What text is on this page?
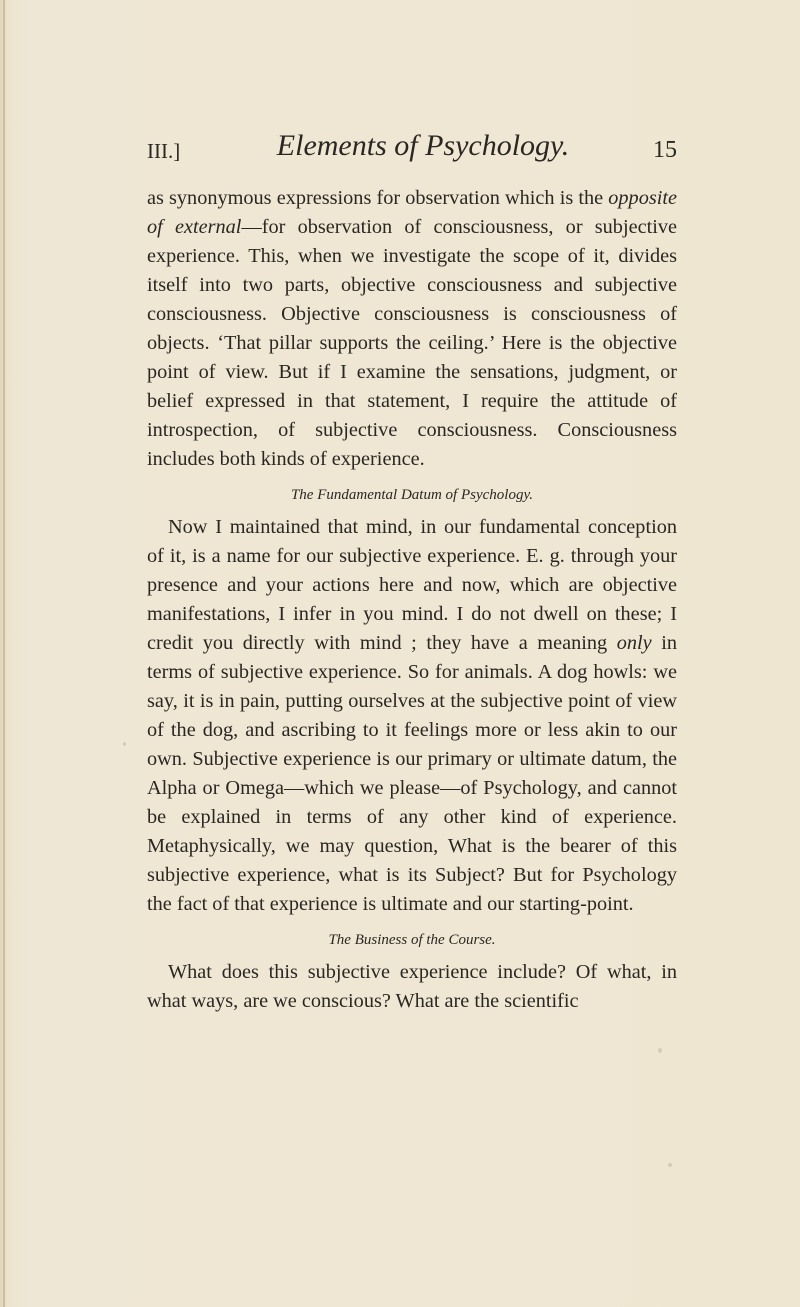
III.]	Elements of Psychology.	15

as synonymous expressions for observation which is the opposite of external—for observation of consciousness, or subjective experience. This, when we investigate the scope of it, divides itself into two parts, objective consciousness and subjective consciousness. Objective consciousness is consciousness of objects. ‘That pillar supports the ceiling.’ Here is the objective point of view. But if I examine the sensations, judgment, or belief expressed in that statement, I require the attitude of introspection, of subjective consciousness. Consciousness includes both kinds of experience.

The Fundamental Datum of Psychology.

Now I maintained that mind, in our fundamental conception of it, is a name for our subjective experience. E. g. through your presence and your actions here and now, which are objective manifestations, I infer in you mind. I do not dwell on these; I credit you directly with mind ; they have a meaning only in terms of subjective experience. So for animals. A dog howls: we say, it is in pain, putting ourselves at the subjective point of view of the dog, and ascribing to it feelings more or less akin to our own. Subjective experience is our primary or ultimate datum, the Alpha or Omega—which we please—of Psychology, and cannot be explained in terms of any other kind of experience. Metaphysically, we may question, What is the bearer of this subjective experience, what is its Subject? But for Psychology the fact of that experience is ultimate and our starting-point.

The Business of the Course.

What does this subjective experience include? Of what, in what ways, are we conscious? What are the scientific
